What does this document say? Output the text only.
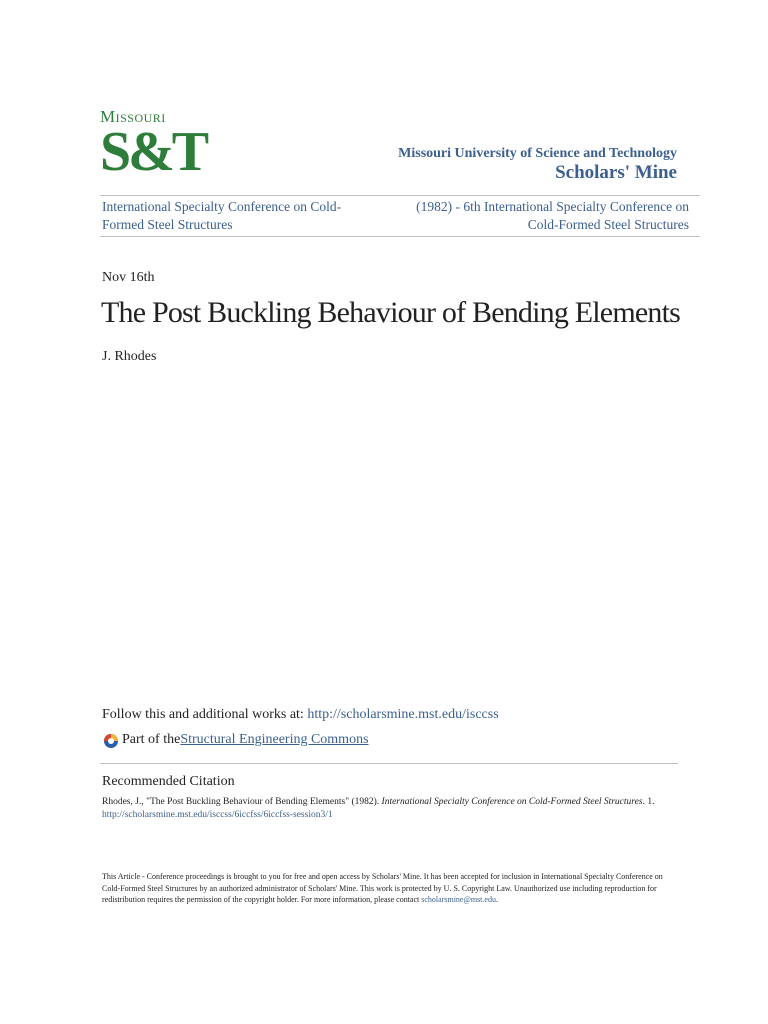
Missouri
S&T	Missouri University of Science and Technology
Scholars' Mine
International Specialty Conference on Cold-Formed Steel Structures
(1982) - 6th International Specialty Conference on Cold-Formed Steel Structures
Nov 16th
The Post Buckling Behaviour of Bending Elements
J. Rhodes
Follow this and additional works at: http://scholarsmine.mst.edu/isccss
Part of the Structural Engineering Commons
Recommended Citation
Rhodes, J., "The Post Buckling Behaviour of Bending Elements" (1982). International Specialty Conference on Cold-Formed Steel Structures. 1.
http://scholarsmine.mst.edu/isccss/6iccfss/6iccfss-session3/1
This Article - Conference proceedings is brought to you for free and open access by Scholars' Mine. It has been accepted for inclusion in International Specialty Conference on Cold-Formed Steel Structures by an authorized administrator of Scholars' Mine. This work is protected by U. S. Copyright Law. Unauthorized use including reproduction for redistribution requires the permission of the copyright holder. For more information, please contact scholarsmine@mst.edu.
